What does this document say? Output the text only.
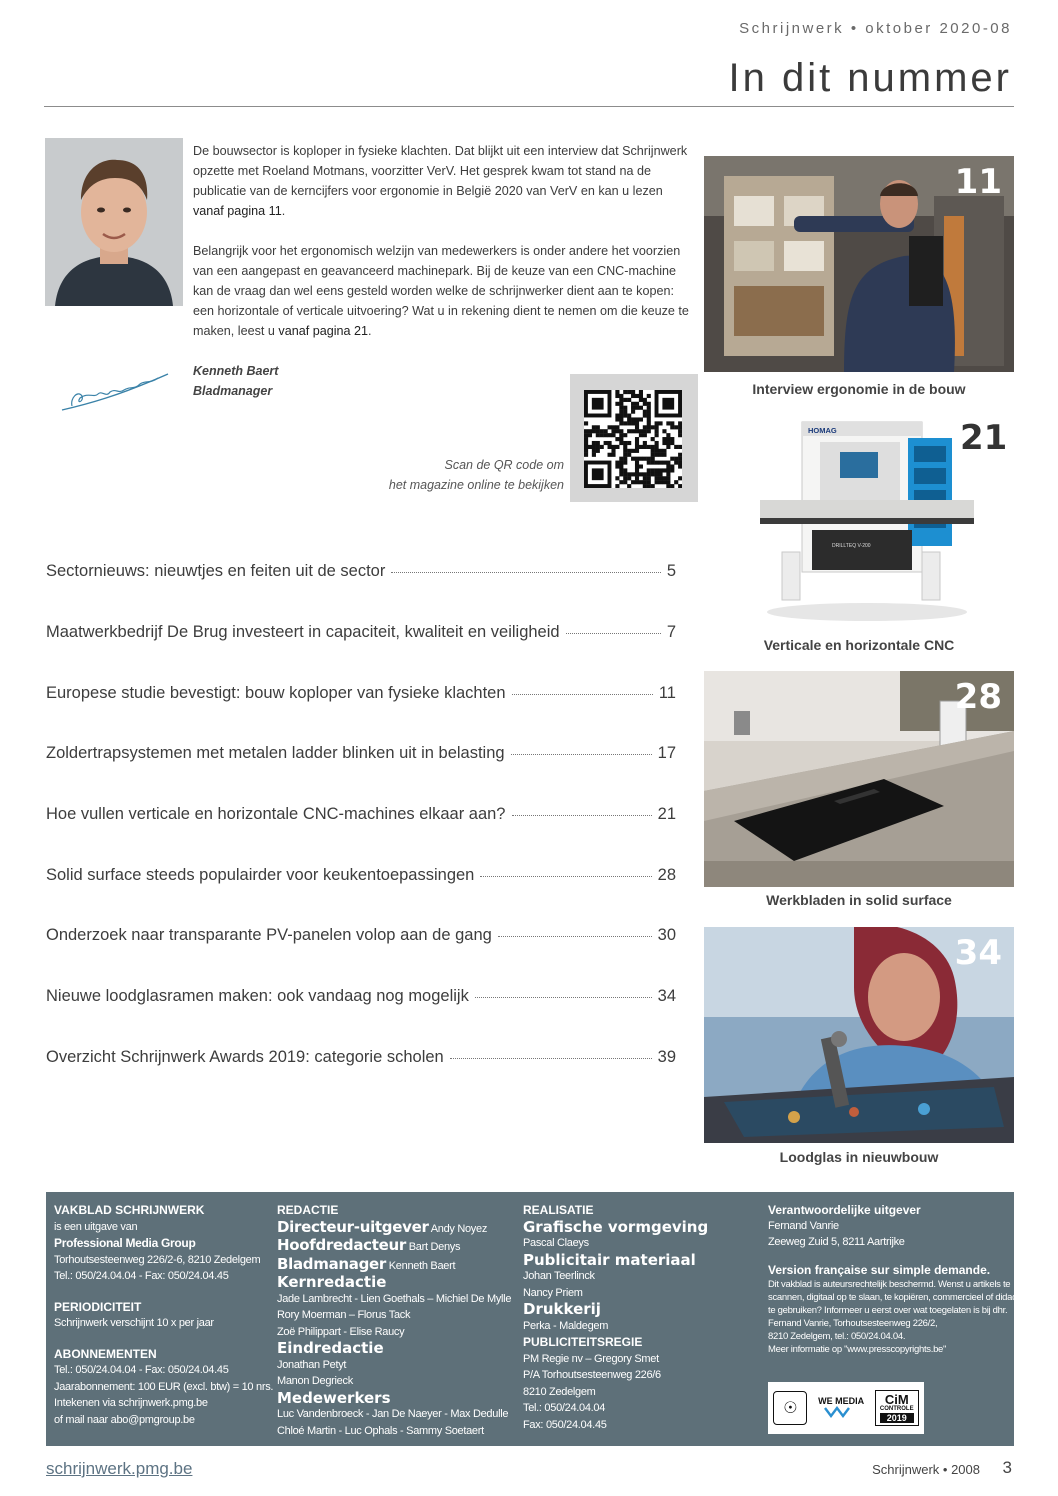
Schrijnwerk • oktober 2020-08
In dit nummer

De bouwsector is koploper in fysieke klachten. Dat blijkt uit een interview dat Schrijnwerk opzette met Roeland Motmans, voorzitter VerV. Het gesprek kwam tot stand na de publicatie van de kerncijfers voor ergonomie in België 2020 van VerV en kan u lezen vanaf pagina 11.

Belangrijk voor het ergonomisch welzijn van medewerkers is onder andere het voorzien van een aangepast en geavanceerd machinepark. Bij de keuze van een CNC-machine kan de vraag dan wel eens gesteld worden welke de schrijnwerker dient aan te kopen: een horizontale of verticale uitvoering? Wat u in rekening dient te nemen om die keuze te maken, leest u vanaf pagina 21.

Kenneth Baert
Bladmanager
Scan de QR code om
het magazine online te bekijken
Sectornieuws: nieuwtjes en feiten uit de sector	5
Maatwerkbedrijf De Brug investeert in capaciteit, kwaliteit en veiligheid	7
Europese studie bevestigt: bouw koploper van fysieke klachten	11
Zoldertrapsystemen met metalen ladder blinken uit in belasting	17
Hoe vullen verticale en horizontale CNC-machines elkaar aan?	21
Solid surface steeds populairder voor keukentoepassingen	28
Onderzoek naar transparante PV-panelen volop aan de gang	30
Nieuwe loodglasramen maken: ook vandaag nog mogelijk	34
Overzicht Schrijnwerk Awards 2019: categorie scholen	39
11
Interview ergonomie in de bouw
21
HOMAG
DRILLTEQ V-200
Verticale en horizontale CNC
28
Werkbladen in solid surface
34
Loodglas in nieuwbouw
VAKBLAD SCHRIJNWERK
is een uitgave van
Professional Media Group
Torhoutsesteenweg 226/2-6, 8210 Zedelgem
Tel.: 050/24.04.04 - Fax: 050/24.04.45
PERIODICITEIT
Schrijnwerk verschijnt 10 x per jaar
ABONNEMENTEN
Tel.: 050/24.04.04 - Fax: 050/24.04.45
Jaarabonnement: 100 EUR (excl. btw) = 10 nrs.
Intekenen via schrijnwerk.pmg.be
of mail naar abo@pmgroup.be
REDACTIE
Directeur-uitgever Andy Noyez
Hoofdredacteur Bart Denys
Bladmanager Kenneth Baert
Kernredactie
Jade Lambrecht - Lien Goethals – Michiel De Mylle
Rory Moerman – Florus Tack
Zoë Philippart - Elise Raucy
Eindredactie
Jonathan Petyt
Manon Degrieck
Medewerkers
Luc Vandenbroeck - Jan De Naeyer - Max Dedulle
Chloé Martin - Luc Ophals - Sammy Soetaert
REALISATIE
Grafische vormgeving
Pascal Claeys
Publicitair materiaal
Johan Teerlinck
Nancy Priem
Drukkerij
Perka - Maldegem
PUBLICITEITSREGIE
PM Regie nv – Gregory Smet
P/A Torhoutsesteenweg 226/6
8210 Zedelgem
Tel.: 050/24.04.04
Fax: 050/24.04.45
Verantwoordelijke uitgever
Fernand Vanrie
Zeeweg Zuid 5, 8211 Aartrijke
Version française sur simple demande.
Dit vakblad is auteursrechtelijk beschermd. Wenst u artikels te
scannen, digitaal op te slaan, te kopiëren, commercieel of didactisch
te gebruiken? Informeer u eerst over wat toegelaten is bij dhr.
Fernand Vanrie, Torhoutsesteenweg 226/2,
8210 Zedelgem, tel.: 050/24.04.04.
Meer informatie op "www.presscopyrights.be"
☉	WE MEDIA	CiM
CONTROLE
2019
schrijnwerk.pmg.be	Schrijnwerk • 2008 3
